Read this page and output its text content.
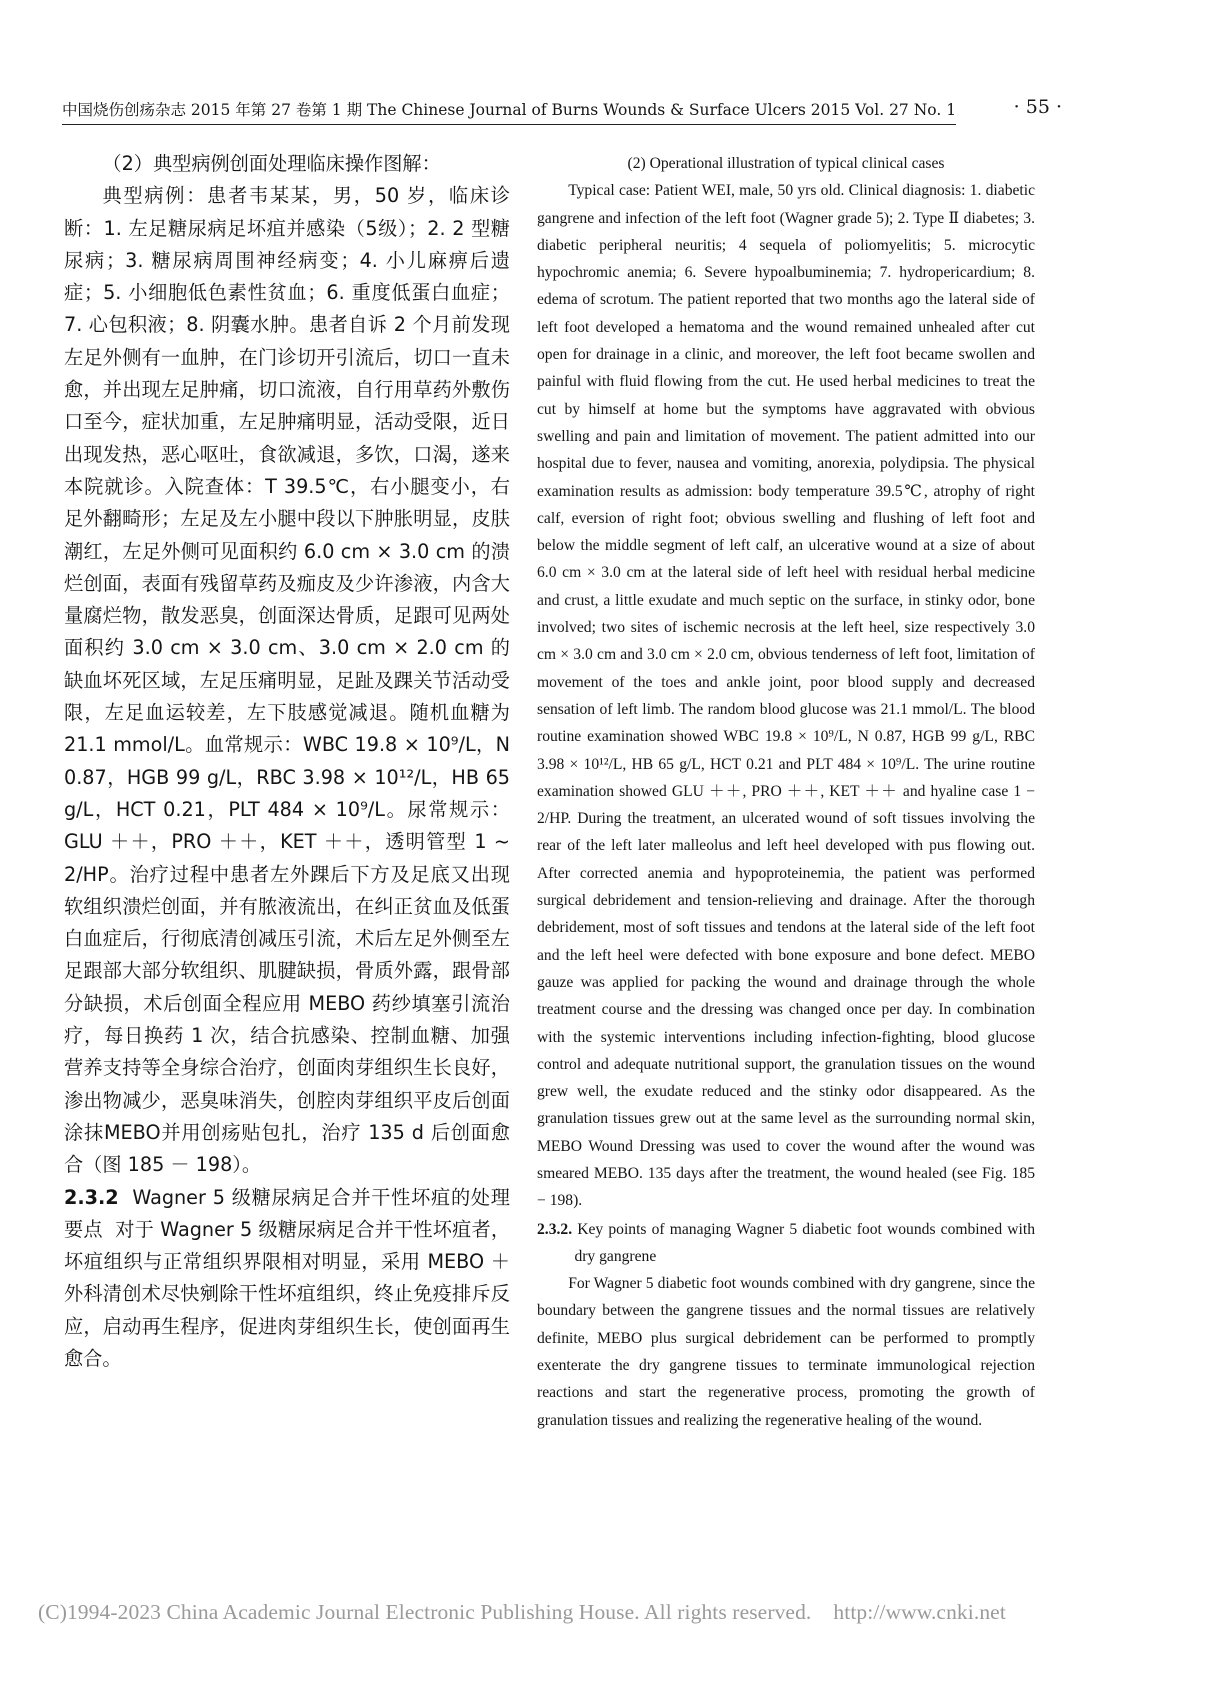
中国烧伤创疡杂志 2015 年第 27 卷第 1 期 The Chinese Journal of Burns Wounds & Surface Ulcers 2015 Vol. 27 No. 1	· 55 ·

（2）典型病例创面处理临床操作图解：

典型病例：患者韦某某，男，50 岁，临床诊断：1. 左足糖尿病足坏疽并感染（5级）；2. 2 型糖尿病；3. 糖尿病周围神经病变；4. 小儿麻痹后遗症；5. 小细胞低色素性贫血；6. 重度低蛋白血症；7. 心包积液；8. 阴囊水肿。患者自诉 2 个月前发现左足外侧有一血肿，在门诊切开引流后，切口一直未愈，并出现左足肿痛，切口流液，自行用草药外敷伤口至今，症状加重，左足肿痛明显，活动受限，近日出现发热，恶心呕吐，食欲减退，多饮，口渴，遂来本院就诊。入院查体：T 39.5℃，右小腿变小，右足外翻畸形；左足及左小腿中段以下肿胀明显，皮肤潮红，左足外侧可见面积约 6.0 cm × 3.0 cm 的溃烂创面，表面有残留草药及痂皮及少许渗液，内含大量腐烂物，散发恶臭，创面深达骨质，足跟可见两处面积约 3.0 cm × 3.0 cm、3.0 cm × 2.0 cm 的缺血坏死区域，左足压痛明显，足趾及踝关节活动受限，左足血运较差，左下肢感觉减退。随机血糖为21.1 mmol/L。血常规示：WBC 19.8 × 10⁹/L，N 0.87，HGB 99 g/L，RBC 3.98 × 10¹²/L，HB 65 g/L，HCT 0.21，PLT 484 × 10⁹/L。尿常规示：GLU ＋＋，PRO ＋＋，KET ＋＋，透明管型 1 ~ 2/HP。治疗过程中患者左外踝后下方及足底又出现软组织溃烂创面，并有脓液流出，在纠正贫血及低蛋白血症后，行彻底清创减压引流，术后左足外侧至左足跟部大部分软组织、肌腱缺损，骨质外露，跟骨部分缺损，术后创面全程应用 MEBO 药纱填塞引流治疗，每日换药 1 次，结合抗感染、控制血糖、加强营养支持等全身综合治疗，创面肉芽组织生长良好，渗出物减少，恶臭味消失，创腔肉芽组织平皮后创面涂抹MEBO并用创疡贴包扎，治疗 135 d 后创面愈合（图 185 － 198）。

2.3.2 Wagner 5 级糖尿病足合并干性坏疽的处理要点 对于 Wagner 5 级糖尿病足合并干性坏疽者，坏疽组织与正常组织界限相对明显，采用 MEBO ＋ 外科清创术尽快剜除干性坏疽组织，终止免疫排斥反应，启动再生程序，促进肉芽组织生长，使创面再生愈合。

(2) Operational illustration of typical clinical cases

Typical case: Patient WEI, male, 50 yrs old. Clinical diagnosis: 1. diabetic gangrene and infection of the left foot (Wagner grade 5); 2. Type Ⅱ diabetes; 3. diabetic peripheral neuritis; 4 sequela of poliomyelitis; 5. microcytic hypochromic anemia; 6. Severe hypoalbuminemia; 7. hydropericardium; 8. edema of scrotum. The patient reported that two months ago the lateral side of left foot developed a hematoma and the wound remained unhealed after cut open for drainage in a clinic, and moreover, the left foot became swollen and painful with fluid flowing from the cut. He used herbal medicines to treat the cut by himself at home but the symptoms have aggravated with obvious swelling and pain and limitation of movement. The patient admitted into our hospital due to fever, nausea and vomiting, anorexia, polydipsia. The physical examination results as admission: body temperature 39.5℃, atrophy of right calf, eversion of right foot; obvious swelling and flushing of left foot and below the middle segment of left calf, an ulcerative wound at a size of about 6.0 cm × 3.0 cm at the lateral side of left heel with residual herbal medicine and crust, a little exudate and much septic on the surface, in stinky odor, bone involved; two sites of ischemic necrosis at the left heel, size respectively 3.0 cm × 3.0 cm and 3.0 cm × 2.0 cm, obvious tenderness of left foot, limitation of movement of the toes and ankle joint, poor blood supply and decreased sensation of left limb. The random blood glucose was 21.1 mmol/L. The blood routine examination showed WBC 19.8 × 10⁹/L, N 0.87, HGB 99 g/L, RBC 3.98 × 10¹²/L, HB 65 g/L, HCT 0.21 and PLT 484 × 10⁹/L. The urine routine examination showed GLU ＋＋, PRO ＋＋, KET ＋＋ and hyaline case 1 − 2/HP. During the treatment, an ulcerated wound of soft tissues involving the rear of the left later malleolus and left heel developed with pus flowing out. After corrected anemia and hypoproteinemia, the patient was performed surgical debridement and tension-relieving and drainage. After the thorough debridement, most of soft tissues and tendons at the lateral side of the left foot and the left heel were defected with bone exposure and bone defect. MEBO gauze was applied for packing the wound and drainage through the whole treatment course and the dressing was changed once per day. In combination with the systemic interventions including infection-fighting, blood glucose control and adequate nutritional support, the granulation tissues on the wound grew well, the exudate reduced and the stinky odor disappeared. As the granulation tissues grew out at the same level as the surrounding normal skin, MEBO Wound Dressing was used to cover the wound after the wound was smeared MEBO. 135 days after the treatment, the wound healed (see Fig. 185 − 198).

2.3.2. Key points of managing Wagner 5 diabetic foot wounds combined with dry gangrene

For Wagner 5 diabetic foot wounds combined with dry gangrene, since the boundary between the gangrene tissues and the normal tissues are relatively definite, MEBO plus surgical debridement can be performed to promptly exenterate the dry gangrene tissues to terminate immunological rejection reactions and start the regenerative process, promoting the growth of granulation tissues and realizing the regenerative healing of the wound.

(C)1994-2023 China Academic Journal Electronic Publishing House. All rights reserved. http://www.cnki.net
